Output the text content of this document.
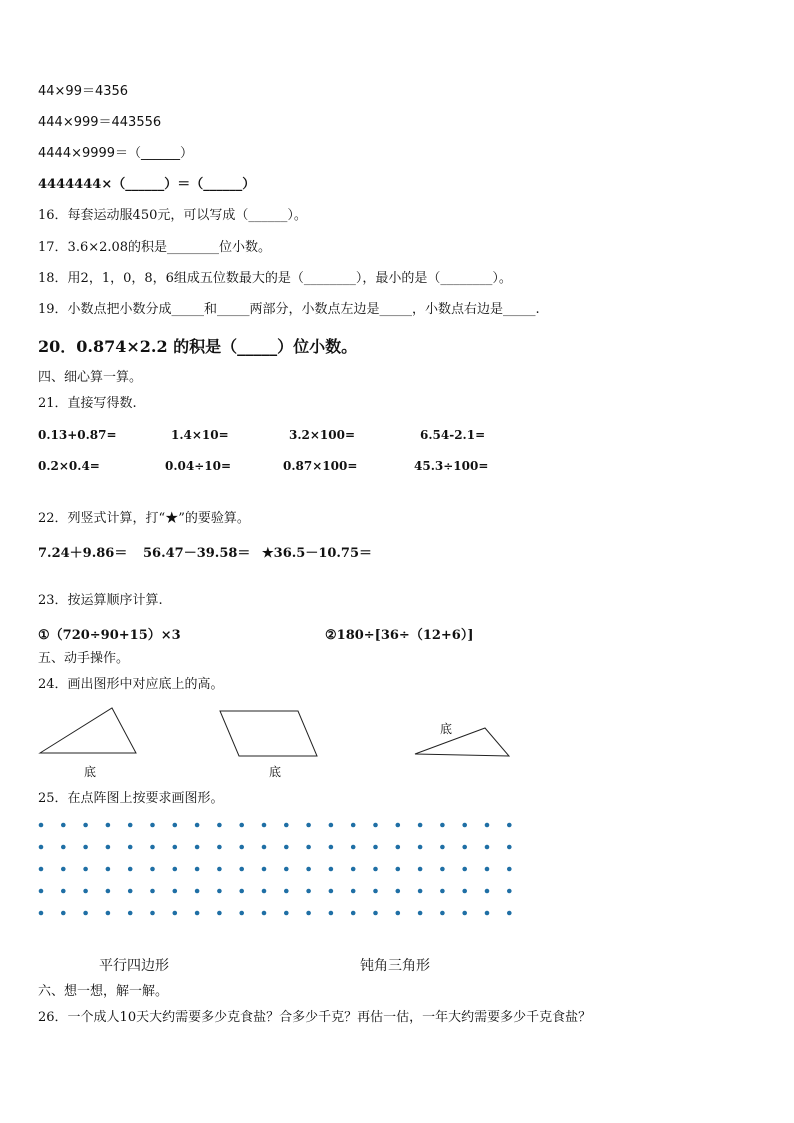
44×99＝4356
444×999＝443556
4444×9999＝（______）
4444444×（______）＝（______）
16．每套运动服450元，可以写成（______）。
17．3.6×2.08的积是________位小数。
18．用2，1，0，8，6组成五位数最大的是（________），最小的是（________）。
19．小数点把小数分成_____和_____两部分，小数点左边是_____，小数点右边是_____.
20．0.874×2.2 的积是（_____）位小数。
四、细心算一算。
21．直接写得数.
0.13+0.87=	1.4×10=	3.2×100=	6.54-2.1=
0.2×0.4=	0.04÷10=	0.87×100=	45.3÷100=
22．列竖式计算，打“★”的要验算。
7.24＋9.86＝ 56.47－39.58＝ ★36.5－10.75＝
23．按运算顺序计算.
①（720÷90+15）×3	②180÷[36÷（12+6）]
五、动手操作。
24．画出图形中对应底上的高。
底	底
底
25．在点阵图上按要求画图形。
平行四边形	钝角三角形
六、想一想，解一解。
26．一个成人10天大约需要多少克食盐？合多少千克？再估一估，一年大约需要多少千克食盐？
